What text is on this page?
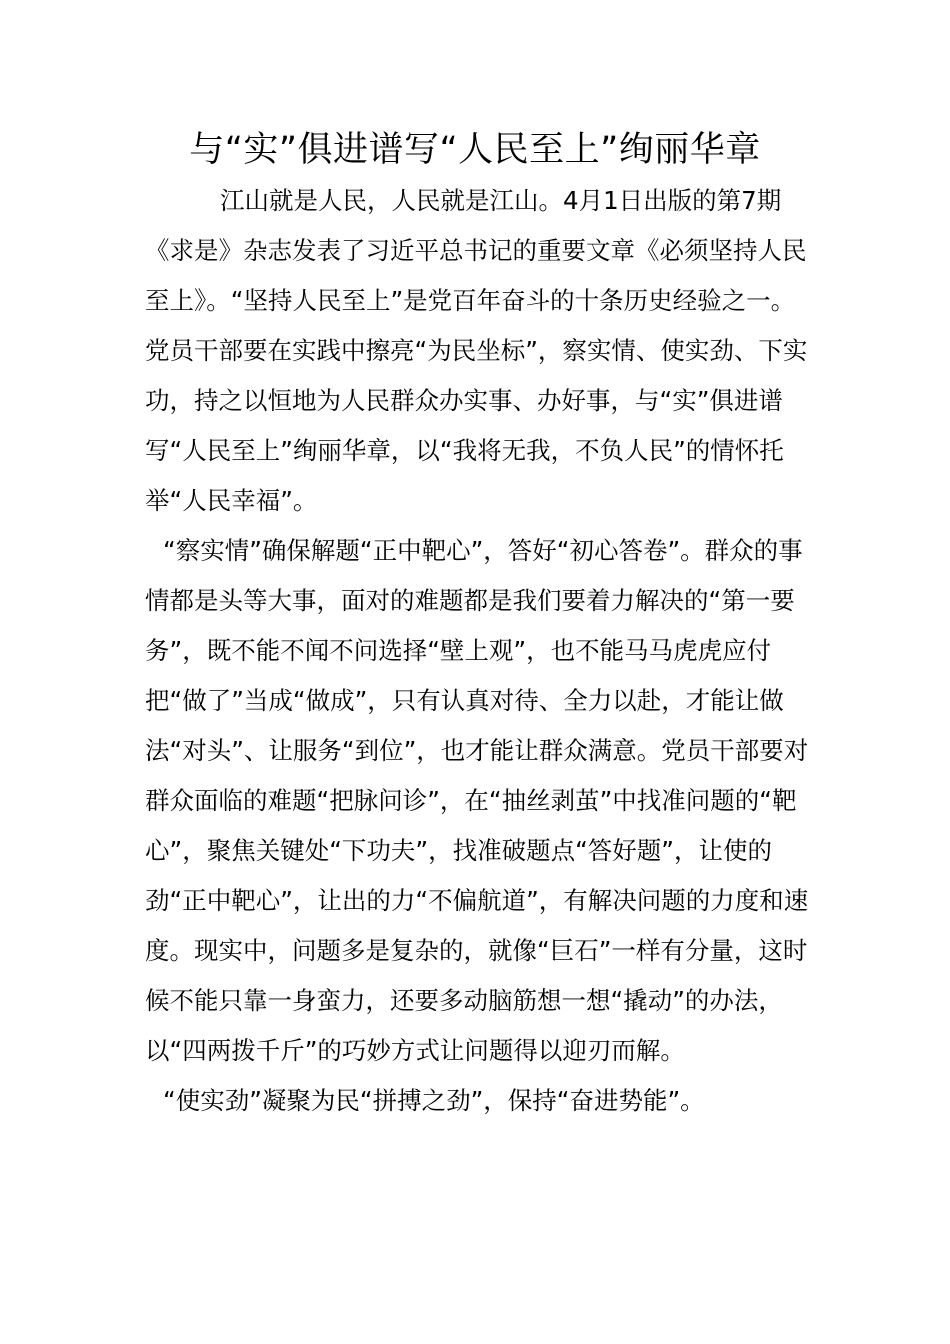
与“实”俱进谱写“人民至上”绚丽华章

江山就是人民，人民就是江山。4月1日出版的第7期《求是》杂志发表了习近平总书记的重要文章《必须坚持人民至上》。“坚持人民至上”是党百年奋斗的十条历史经验之一。党员干部要在实践中擦亮“为民坐标”，察实情、使实劲、下实功，持之以恒地为人民群众办实事、办好事，与“实”俱进谱写“人民至上”绚丽华章，以“我将无我，不负人民”的情怀托举“人民幸福”。

“察实情”确保解题“正中靶心”，答好“初心答卷”。群众的事情都是头等大事，面对的难题都是我们要着力解决的“第一要务”，既不能不闻不问选择“壁上观”，也不能马马虎虎应付把“做了”当成“做成”，只有认真对待、全力以赴，才能让做法“对头”、让服务“到位”，也才能让群众满意。党员干部要对群众面临的难题“把脉问诊”，在“抽丝剥茧”中找准问题的“靶心”，聚焦关键处“下功夫”，找准破题点“答好题”，让使的劲“正中靶心”，让出的力“不偏航道”，有解决问题的力度和速度。现实中，问题多是复杂的，就像“巨石”一样有分量，这时候不能只靠一身蛮力，还要多动脑筋想一想“撬动”的办法，以“四两拨千斤”的巧妙方式让问题得以迎刃而解。

“使实劲”凝聚为民“拼搏之劲”，保持“奋进势能”。
